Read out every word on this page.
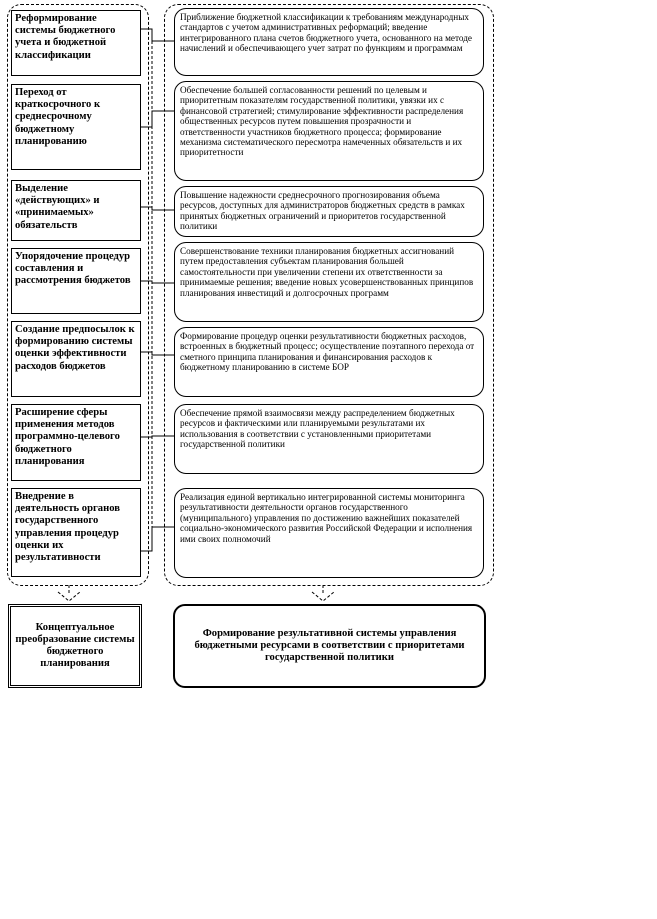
Реформирование системы бюджетного учета и бюджетной классификации
Переход от краткосрочного к среднесрочному бюджетному планированию
Выделение «действующих» и «принимаемых» обязательств
Упорядочение процедур составления и рассмотрения бюджетов
Создание предпосылок к формированию системы оценки эффективности расходов бюджетов
Расширение сферы применения методов программно-целевого бюджетного планирования
Внедрение в деятельность органов государственного управления процедур оценки их результативности
Приближение бюджетной классификации к требованиям международных стандартов с учетом административных реформаций; введение интегрированного плана счетов бюджетного учета, основанного на методе начислений и обеспечивающего учет затрат по функциям и программам
Обеспечение большей согласованности решений по целевым и приоритетным показателям государственной политики, увязки их с финансовой стратегией; стимулирование эффективности распределения общественных ресурсов путем повышения прозрачности и ответственности участников бюджетного процесса; формирование механизма систематического пересмотра намеченных обязательств и их приоритетности
Повышение надежности среднесрочного прогнозирования объема ресурсов, доступных для администраторов бюджетных средств в рамках принятых бюджетных ограничений и приоритетов государственной политики
Совершенствование техники планирования бюджетных ассигнований путем предоставления субъектам планирования большей самостоятельности при увеличении степени их ответственности за принимаемые решения; введение новых усовершенствованных принципов планирования инвестиций и долгосрочных программ
Формирование процедур оценки результативности бюджетных расходов, встроенных в бюджетный процесс; осуществление поэтапного перехода от сметного принципа планирования и финансирования расходов к бюджетному планированию в системе БОР
Обеспечение прямой взаимосвязи между распределением бюджетных ресурсов и фактическими или планируемыми результатами их использования в соответствии с установленными приоритетами государственной политики
Реализация единой вертикально интегрированной системы мониторинга результативности деятельности органов государственного (муниципального) управления по достижению важнейших показателей социально-экономического развития Российской Федерации и исполнения ими своих полномочий
Концептуальное преобразование системы бюджетного планирования
Формирование результативной системы управления бюджетными ресурсами в соответствии с приоритетами государственной политики
